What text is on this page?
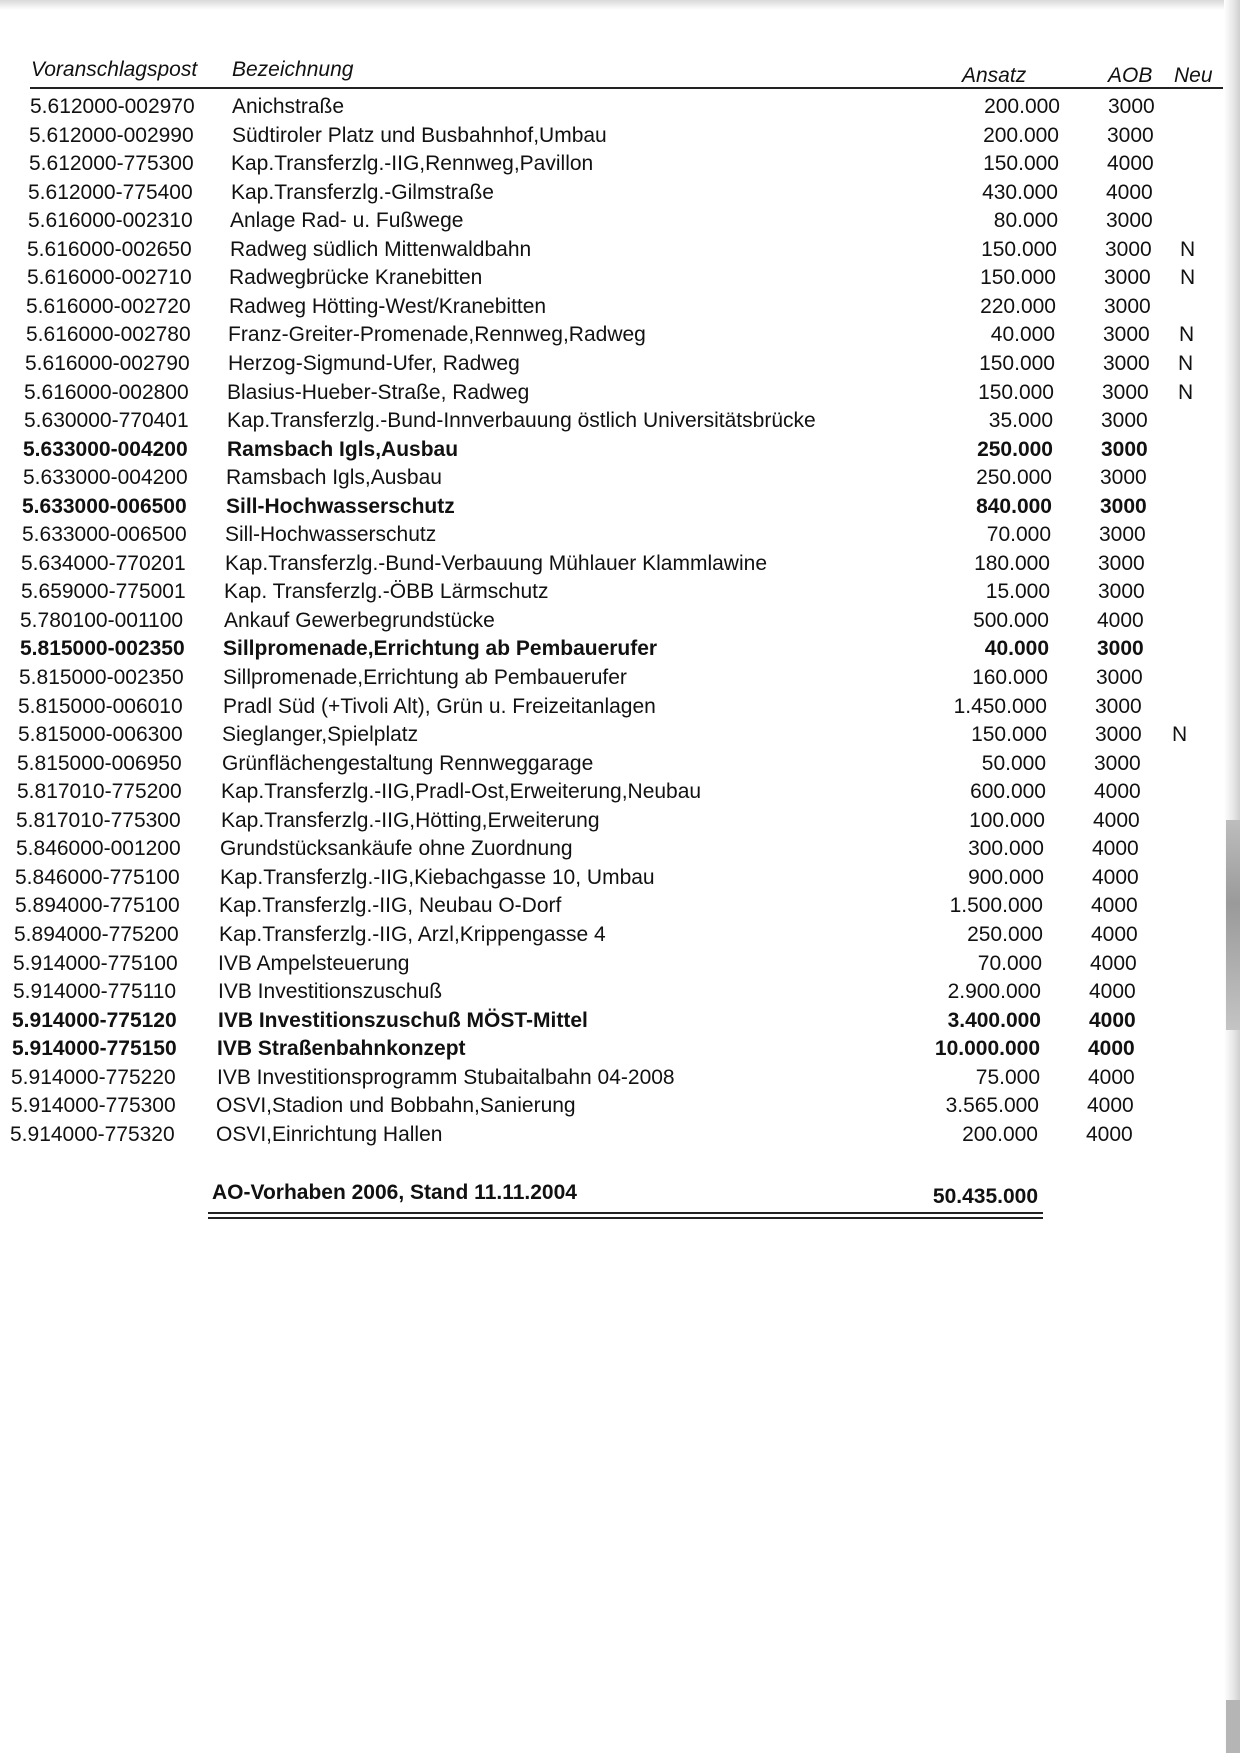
Voranschlagspost Bezeichnung	Ansatz	AOB Neu
5.612000-002970 Anichstraße	200.000 3000
5.612000-002990 Südtiroler Platz und Busbahnhof,Umbau	200.000 3000
5.612000-775300 Kap.Transferzlg.-IIG,Rennweg,Pavillon	150.000 4000
5.612000-775400 Kap.Transferzlg.-Gilmstraße	430.000 4000
5.616000-002310 Anlage Rad- u. Fußwege	80.000 3000
5.616000-002650 Radweg südlich Mittenwaldbahn	150.000 3000 N
5.616000-002710 Radwegbrücke Kranebitten	150.000 3000 N
5.616000-002720 Radweg Hötting-West/Kranebitten	220.000 3000
5.616000-002780 Franz-Greiter-Promenade,Rennweg,Radweg	40.000 3000 N
5.616000-002790 Herzog-Sigmund-Ufer, Radweg	150.000 3000 N
5.616000-002800 Blasius-Hueber-Straße, Radweg	150.000 3000 N
5.630000-770401 Kap.Transferzlg.-Bund-Innverbauung östlich Universitätsbrücke	35.000 3000
5.633000-004200 Ramsbach Igls,Ausbau	250.000 3000
5.633000-004200 Ramsbach Igls,Ausbau	250.000 3000
5.633000-006500 Sill-Hochwasserschutz	840.000 3000
5.633000-006500 Sill-Hochwasserschutz	70.000 3000
5.634000-770201 Kap.Transferzlg.-Bund-Verbauung Mühlauer Klammlawine	180.000 3000
5.659000-775001 Kap. Transferzlg.-ÖBB Lärmschutz	15.000 3000
5.780100-001100 Ankauf Gewerbegrundstücke	500.000 4000
5.815000-002350 Sillpromenade,Errichtung ab Pembauerufer	40.000 3000
5.815000-002350 Sillpromenade,Errichtung ab Pembauerufer	160.000 3000
5.815000-006010 Pradl Süd (+Tivoli Alt), Grün u. Freizeitanlagen	1.450.000 3000
5.815000-006300 Sieglanger,Spielplatz	150.000 3000 N
5.815000-006950 Grünflächengestaltung Rennweggarage	50.000 3000
5.817010-775200 Kap.Transferzlg.-IIG,Pradl-Ost,Erweiterung,Neubau	600.000 4000
5.817010-775300 Kap.Transferzlg.-IIG,Hötting,Erweiterung	100.000 4000
5.846000-001200 Grundstücksankäufe ohne Zuordnung	300.000 4000
5.846000-775100 Kap.Transferzlg.-IIG,Kiebachgasse 10, Umbau	900.000 4000
5.894000-775100 Kap.Transferzlg.-IIG, Neubau O-Dorf	1.500.000 4000
5.894000-775200 Kap.Transferzlg.-IIG, Arzl,Krippengasse 4	250.000 4000
5.914000-775100 IVB Ampelsteuerung	70.000 4000
5.914000-775110 IVB Investitionszuschuß	2.900.000 4000
5.914000-775120 IVB Investitionszuschuß MÖST-Mittel	3.400.000 4000
5.914000-775150 IVB Straßenbahnkonzept	10.000.000 4000
5.914000-775220 IVB Investitionsprogramm Stubaitalbahn 04-2008	75.000 4000
5.914000-775300 OSVI,Stadion und Bobbahn,Sanierung	3.565.000 4000
5.914000-775320 OSVI,Einrichtung Hallen	200.000 4000
AO-Vorhaben 2006, Stand 11.11.2004	50.435.000
